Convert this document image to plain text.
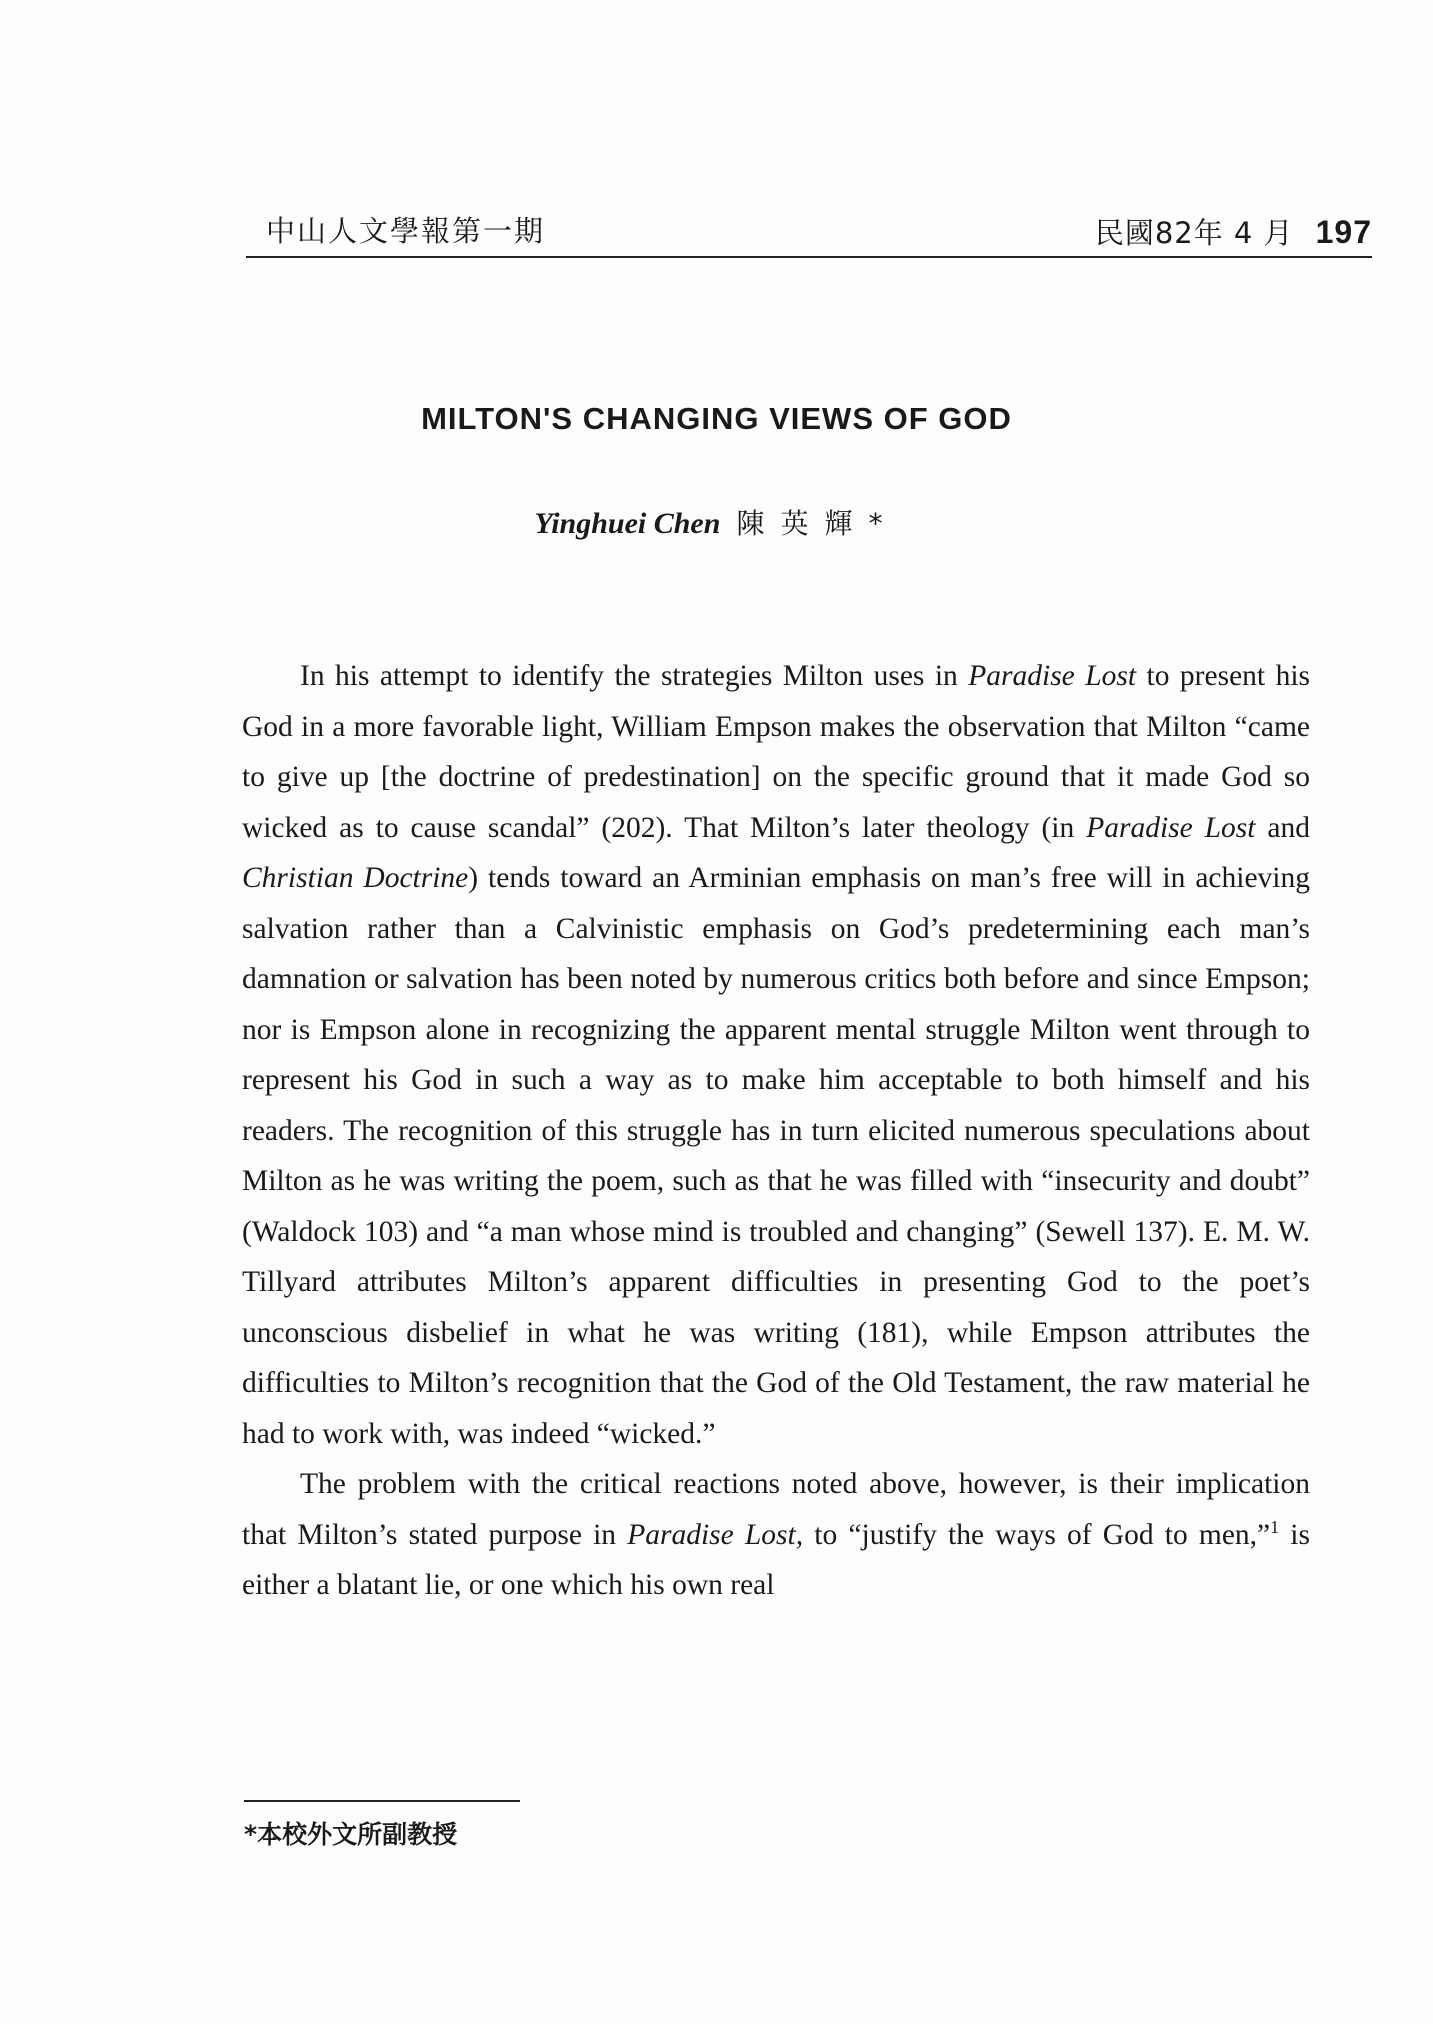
中山人文學報第一期	民國82年 4 月 197
MILTON'S CHANGING VIEWS OF GOD
Yinghuei Chen 陳英輝*

In his attempt to identify the strategies Milton uses in Paradise Lost to present his God in a more favorable light, William Empson makes the observation that Milton “came to give up [the doctrine of predestination] on the specific ground that it made God so wicked as to cause scandal” (202). That Milton’s later theology (in Paradise Lost and Christian Doctrine) tends toward an Arminian emphasis on man’s free will in achieving salvation rather than a Calvinistic emphasis on God’s predetermining each man’s damnation or salvation has been noted by numerous critics both before and since Empson; nor is Empson alone in recognizing the apparent mental struggle Milton went through to represent his God in such a way as to make him acceptable to both himself and his readers. The recognition of this struggle has in turn elicited numerous speculations about Milton as he was writing the poem, such as that he was filled with “insecurity and doubt” (Waldock 103) and “a man whose mind is troubled and changing” (Sewell 137). E. M. W. Tillyard attributes Milton’s apparent difficulties in presenting God to the poet’s unconscious disbelief in what he was writing (181), while Empson attributes the difficulties to Milton’s recognition that the God of the Old Testament, the raw material he had to work with, was indeed “wicked.”

The problem with the critical reactions noted above, however, is their implication that Milton’s stated purpose in Paradise Lost, to “justify the ways of God to men,”$^1$ is either a blatant lie, or one which his own real

*本校外文所副教授
